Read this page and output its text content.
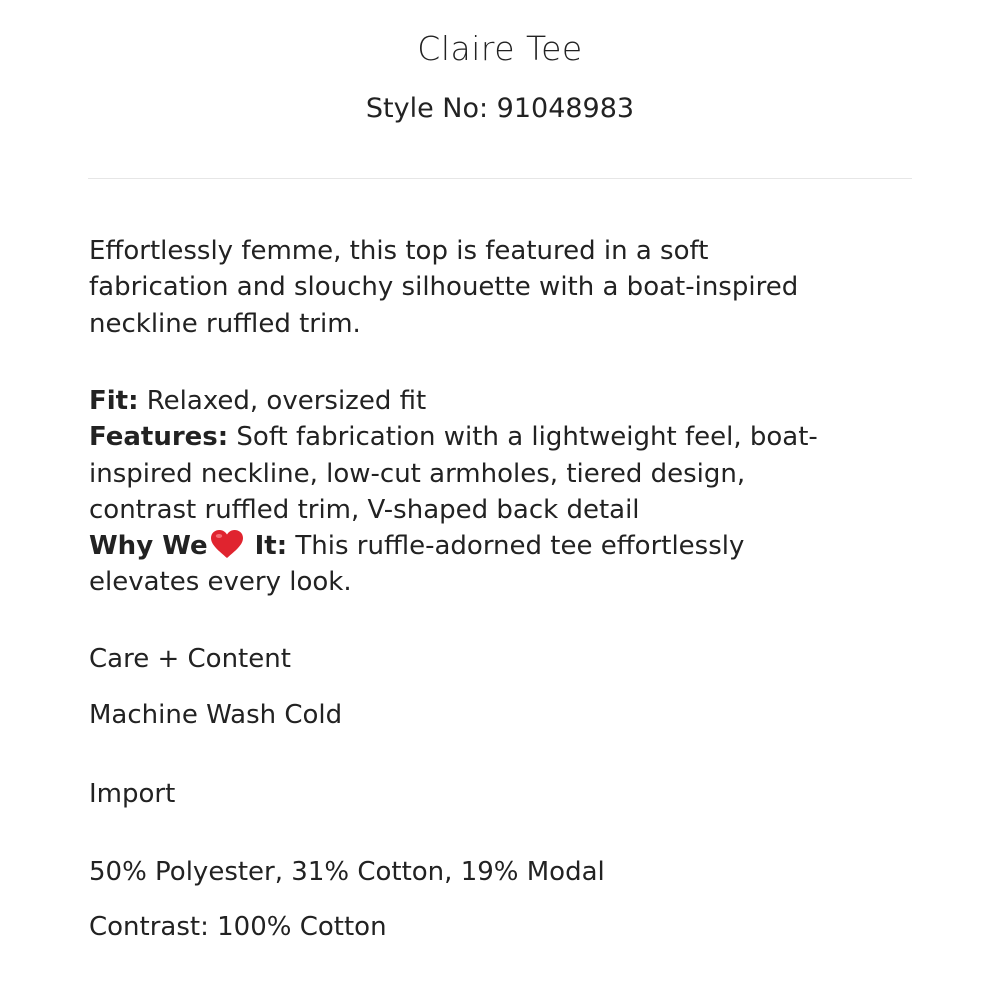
Claire Tee

Style No: 91048983

Effortlessly femme, this top is featured in a soft

fabrication and slouchy silhouette with a boat-inspired

neckline ruffled trim.

Fit: Relaxed, oversized fit

Features: Soft fabrication with a lightweight feel, boat-

inspired neckline, low-cut armholes, tiered design,

contrast ruffled trim, V-shaped back detail

Why We It: This ruffle-adorned tee effortlessly

elevates every look.

Care + Content

Machine Wash Cold

Import

50% Polyester, 31% Cotton, 19% Modal

Contrast: 100% Cotton
